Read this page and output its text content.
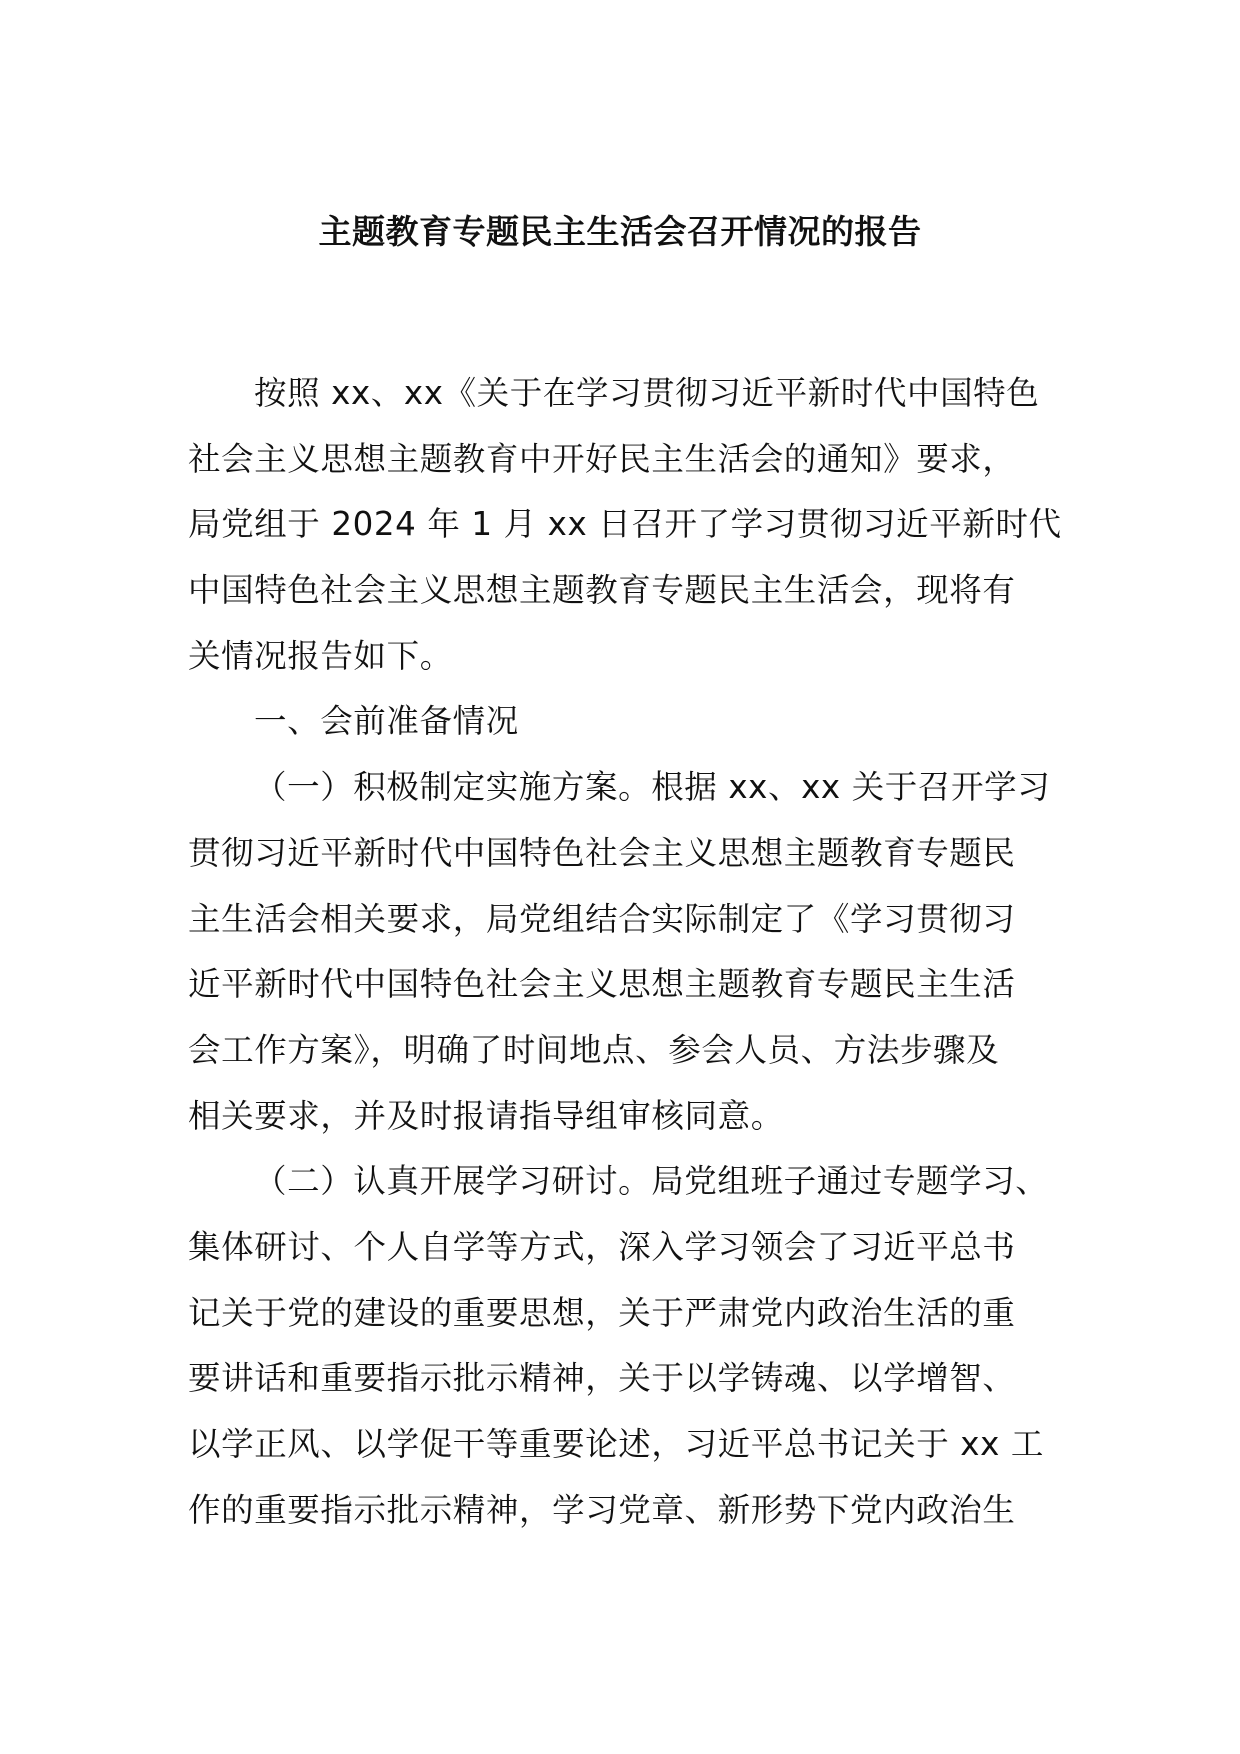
主题教育专题民主生活会召开情况的报告
按照 xx、xx《关于在学习贯彻习近平新时代中国特色
社会主义思想主题教育中开好民主生活会的通知》要求，
局党组于 2024 年 1 月 xx 日召开了学习贯彻习近平新时代
中国特色社会主义思想主题教育专题民主生活会，现将有
关情况报告如下。
一、会前准备情况
（一）积极制定实施方案。根据 xx、xx 关于召开学习
贯彻习近平新时代中国特色社会主义思想主题教育专题民
主生活会相关要求，局党组结合实际制定了《学习贯彻习
近平新时代中国特色社会主义思想主题教育专题民主生活
会工作方案》，明确了时间地点、参会人员、方法步骤及
相关要求，并及时报请指导组审核同意。
（二）认真开展学习研讨。局党组班子通过专题学习、
集体研讨、个人自学等方式，深入学习领会了习近平总书
记关于党的建设的重要思想，关于严肃党内政治生活的重
要讲话和重要指示批示精神，关于以学铸魂、以学增智、
以学正风、以学促干等重要论述，习近平总书记关于 xx 工
作的重要指示批示精神，学习党章、新形势下党内政治生
